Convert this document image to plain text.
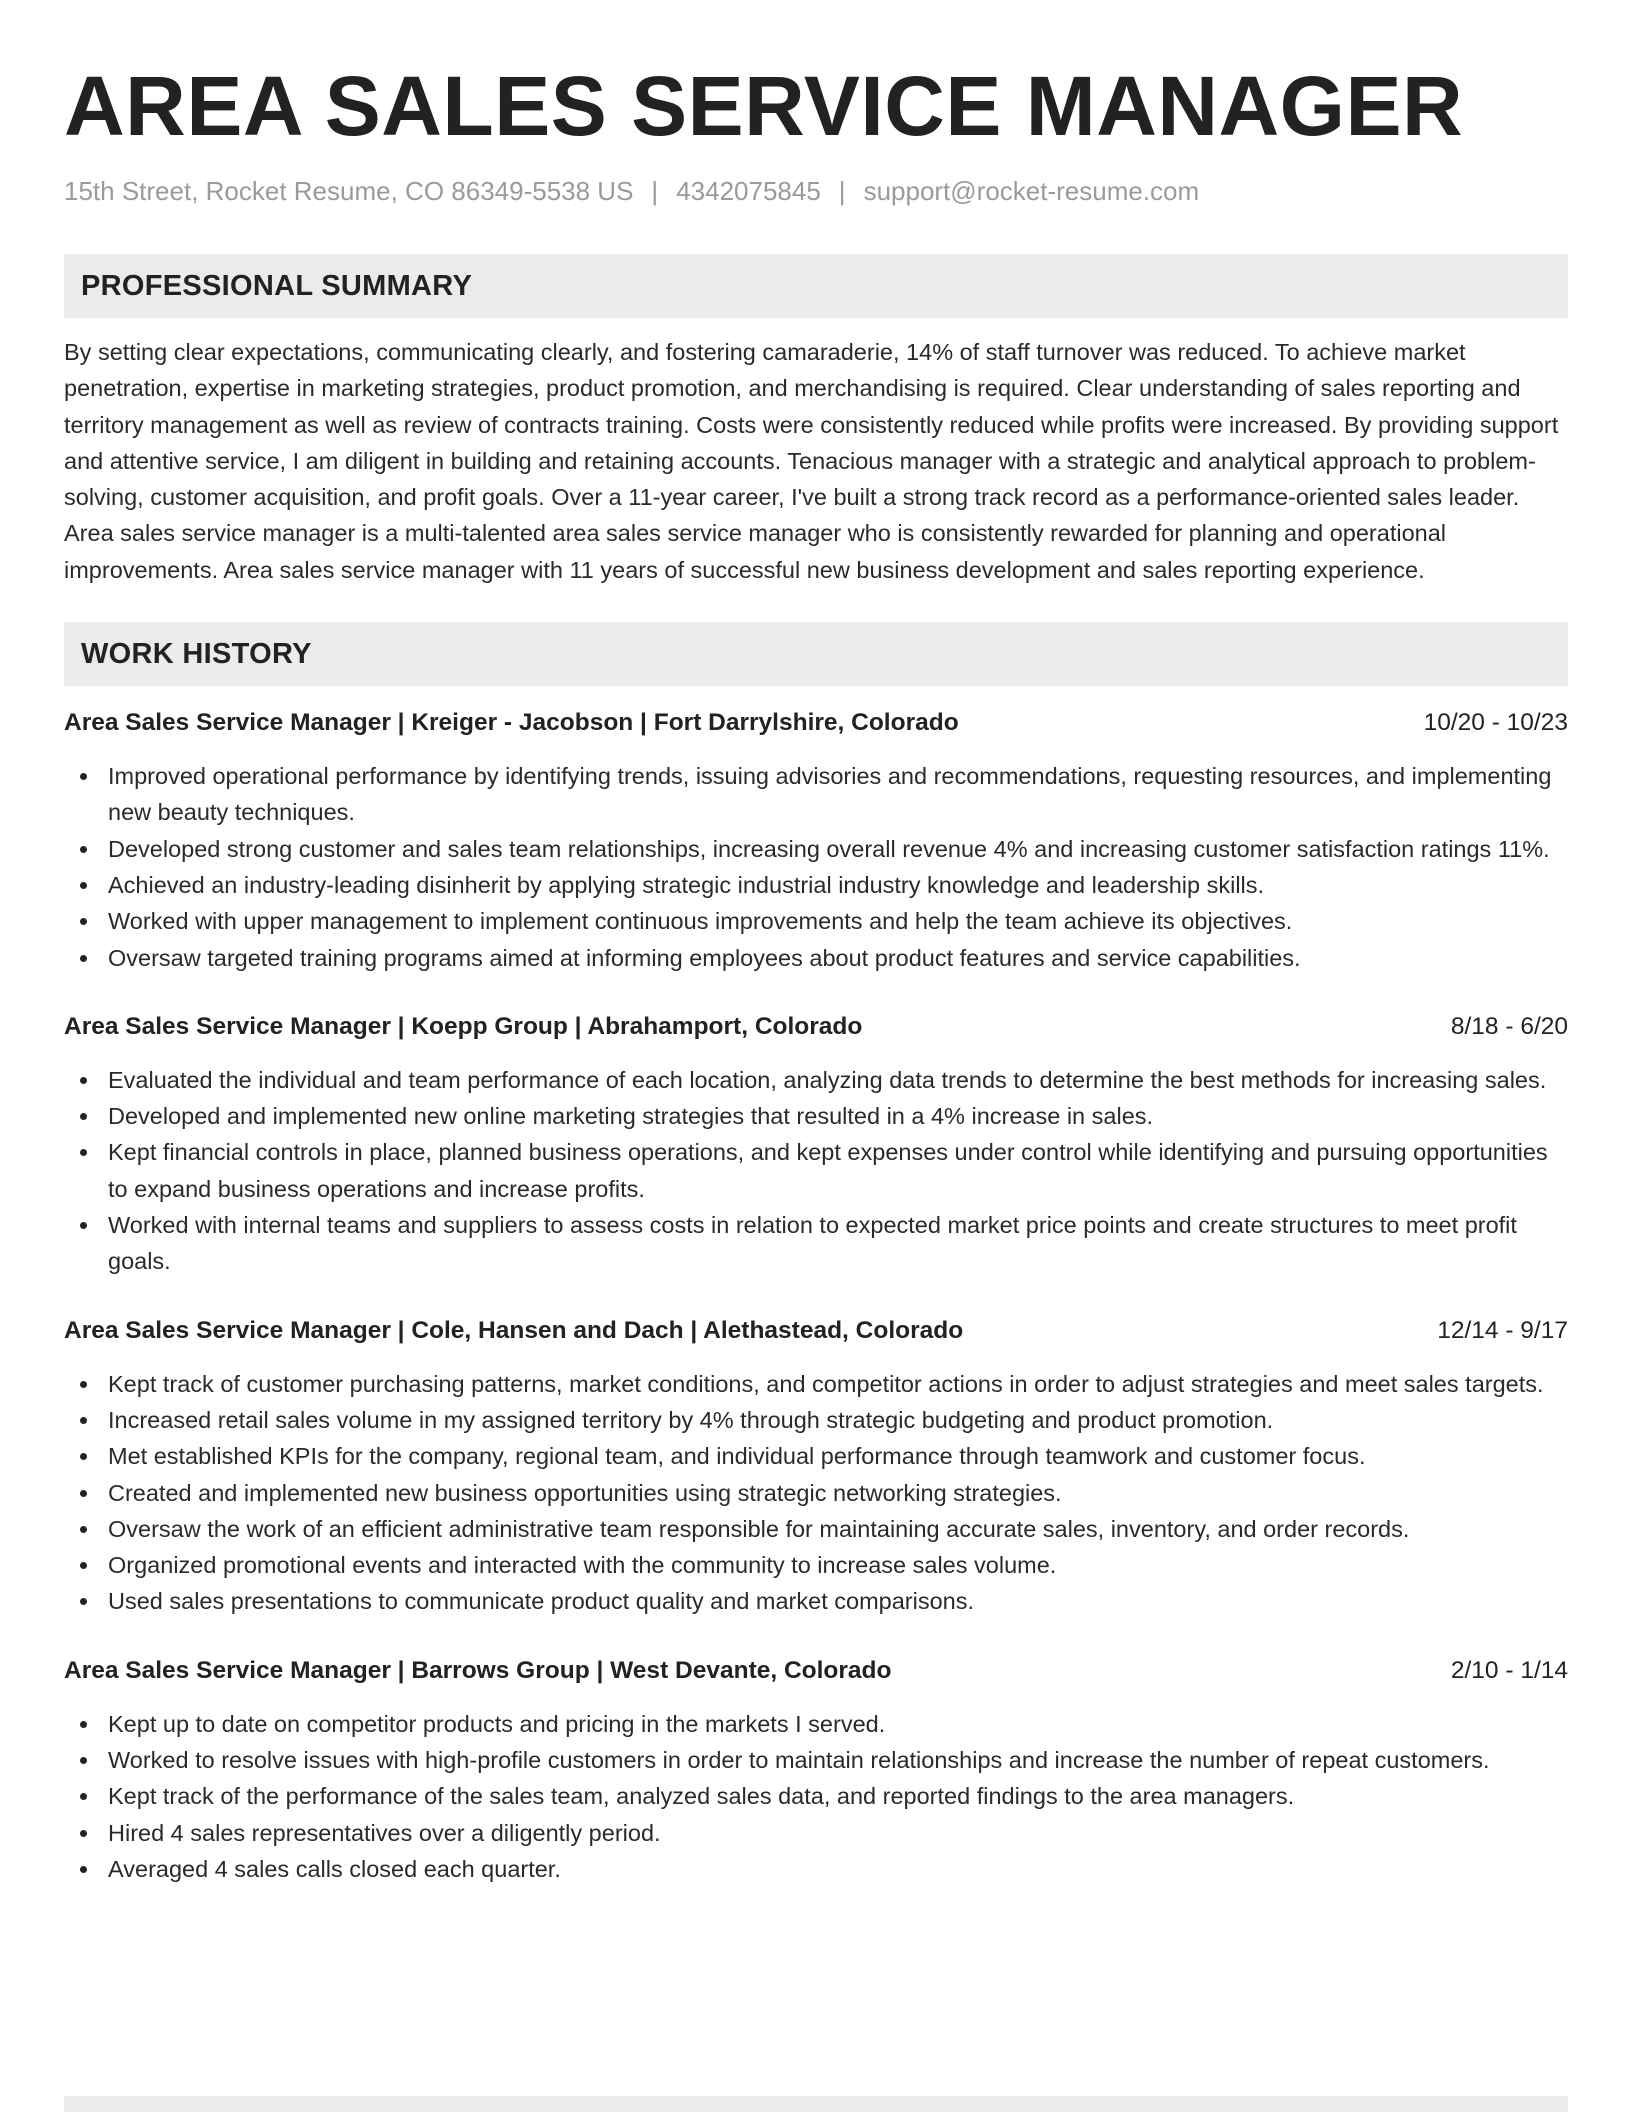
AREA SALES SERVICE MANAGER
15th Street, Rocket Resume, CO 86349-5538 US | 4342075845 | support@rocket-resume.com
PROFESSIONAL SUMMARY
By setting clear expectations, communicating clearly, and fostering camaraderie, 14% of staff turnover was reduced. To achieve market penetration, expertise in marketing strategies, product promotion, and merchandising is required. Clear understanding of sales reporting and territory management as well as review of contracts training. Costs were consistently reduced while profits were increased. By providing support and attentive service, I am diligent in building and retaining accounts. Tenacious manager with a strategic and analytical approach to problem-solving, customer acquisition, and profit goals. Over a 11-year career, I've built a strong track record as a performance-oriented sales leader. Area sales service manager is a multi-talented area sales service manager who is consistently rewarded for planning and operational improvements. Area sales service manager with 11 years of successful new business development and sales reporting experience.
WORK HISTORY
Area Sales Service Manager | Kreiger - Jacobson | Fort Darrylshire, Colorado	10/20 - 10/23
Improved operational performance by identifying trends, issuing advisories and recommendations, requesting resources, and implementing new beauty techniques.
Developed strong customer and sales team relationships, increasing overall revenue 4% and increasing customer satisfaction ratings 11%.
Achieved an industry-leading disinherit by applying strategic industrial industry knowledge and leadership skills.
Worked with upper management to implement continuous improvements and help the team achieve its objectives.
Oversaw targeted training programs aimed at informing employees about product features and service capabilities.
Area Sales Service Manager | Koepp Group | Abrahamport, Colorado	8/18 - 6/20
Evaluated the individual and team performance of each location, analyzing data trends to determine the best methods for increasing sales.
Developed and implemented new online marketing strategies that resulted in a 4% increase in sales.
Kept financial controls in place, planned business operations, and kept expenses under control while identifying and pursuing opportunities to expand business operations and increase profits.
Worked with internal teams and suppliers to assess costs in relation to expected market price points and create structures to meet profit goals.
Area Sales Service Manager | Cole, Hansen and Dach | Alethastead, Colorado	12/14 - 9/17
Kept track of customer purchasing patterns, market conditions, and competitor actions in order to adjust strategies and meet sales targets.
Increased retail sales volume in my assigned territory by 4% through strategic budgeting and product promotion.
Met established KPIs for the company, regional team, and individual performance through teamwork and customer focus.
Created and implemented new business opportunities using strategic networking strategies.
Oversaw the work of an efficient administrative team responsible for maintaining accurate sales, inventory, and order records.
Organized promotional events and interacted with the community to increase sales volume.
Used sales presentations to communicate product quality and market comparisons.
Area Sales Service Manager | Barrows Group | West Devante, Colorado	2/10 - 1/14
Kept up to date on competitor products and pricing in the markets I served.
Worked to resolve issues with high-profile customers in order to maintain relationships and increase the number of repeat customers.
Kept track of the performance of the sales team, analyzed sales data, and reported findings to the area managers.
Hired 4 sales representatives over a diligently period.
Averaged 4 sales calls closed each quarter.
